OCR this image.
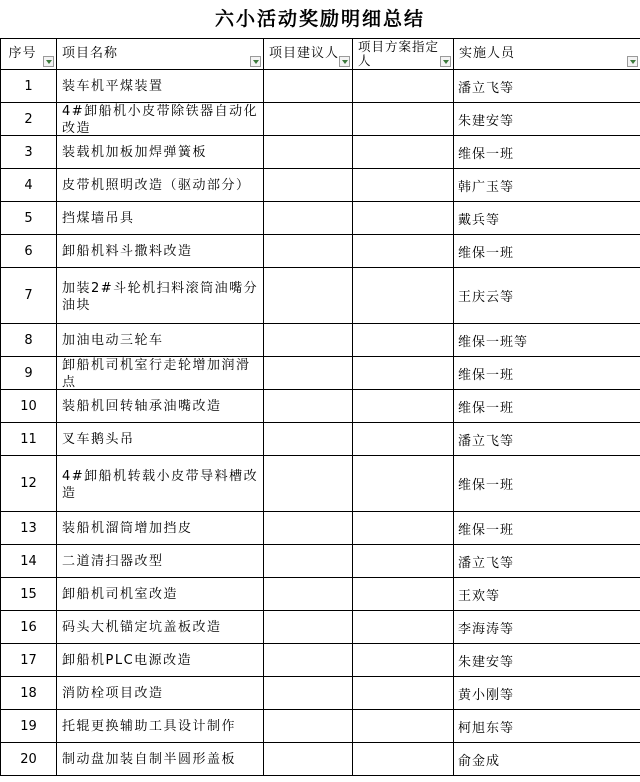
六小活动奖励明细总结
序号	项目名称	项目建议人	项目方案指定人	实施人员

1	装车机平煤装置			潘立飞等
2	4#卸船机小皮带除铁器自动化改造			朱建安等
3	装载机加板加焊弹簧板			维保一班
4	皮带机照明改造（驱动部分）			韩广玉等
5	挡煤墙吊具			戴兵等
6	卸船机料斗撒料改造			维保一班
7	加装2#斗轮机扫料滚筒油嘴分油块			王庆云等
8	加油电动三轮车			维保一班等
9	卸船机司机室行走轮增加润滑点			维保一班
10	装船机回转轴承油嘴改造			维保一班
11	叉车鹅头吊			潘立飞等
12	4#卸船机转载小皮带导料槽改造			维保一班
13	装船机溜筒增加挡皮			维保一班
14	二道清扫器改型			潘立飞等
15	卸船机司机室改造			王欢等
16	码头大机锚定坑盖板改造			李海涛等
17	卸船机PLC电源改造			朱建安等
18	消防栓项目改造			黄小刚等
19	托辊更换辅助工具设计制作			柯旭东等
20	制动盘加装自制半圆形盖板			俞金成
